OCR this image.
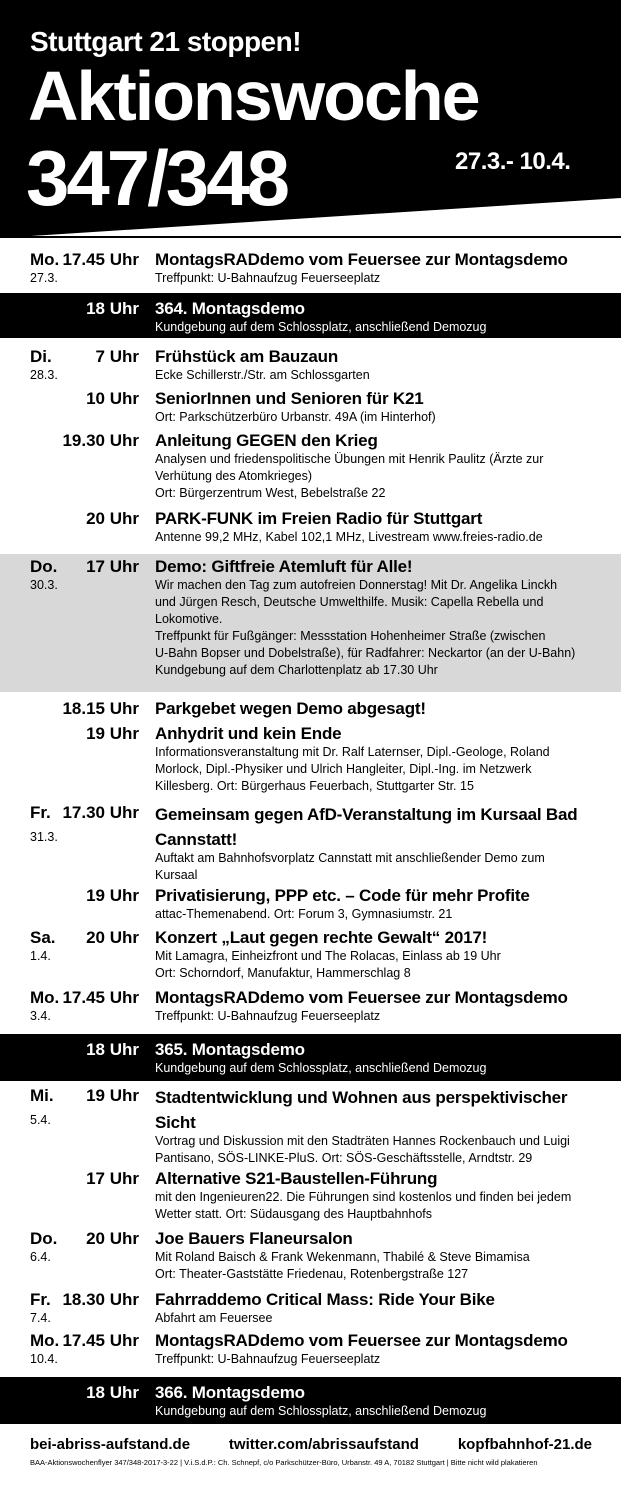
Stuttgart 21 stoppen!
Aktionswoche
347/348	27.3.- 10.4.
Mo.
27.3.
17.45 Uhr MontagsRADdemo vom Feuersee zur Montagsdemo
Treffpunkt: U-Bahnaufzug Feuerseeplatz
18 Uhr 364. Montagsdemo
Kundgebung auf dem Schlossplatz, anschließend Demozug
Di.
28.3.
7 Uhr Frühstück am Bauzaun
Ecke Schillerstr./Str. am Schlossgarten
10 Uhr SeniorInnen und Senioren für K21
Ort: Parkschützerbüro Urbanstr. 49A (im Hinterhof)
19.30 Uhr Anleitung GEGEN den Krieg
Analysen und friedenspolitische Übungen mit Henrik Paulitz (Ärzte zur
Verhütung des Atomkrieges)
Ort: Bürgerzentrum West, Bebelstraße 22
20 Uhr PARK-FUNK im Freien Radio für Stuttgart
Antenne 99,2 MHz, Kabel 102,1 MHz, Livestream www.freies-radio.de
Do.
30.3.
17 Uhr Demo: Giftfreie Atemluft für Alle!
Wir machen den Tag zum autofreien Donnerstag! Mit Dr. Angelika Linckh
und Jürgen Resch, Deutsche Umwelthilfe. Musik: Capella Rebella und
Lokomotive.
Treffpunkt für Fußgänger: Messstation Hohenheimer Straße (zwischen
U-Bahn Bopser und Dobelstraße), für Radfahrer: Neckartor (an der U-Bahn)
Kundgebung auf dem Charlottenplatz ab 17.30 Uhr
18.15 Uhr Parkgebet wegen Demo abgesagt!
19 Uhr Anhydrit und kein Ende
Informationsveranstaltung mit Dr. Ralf Laternser, Dipl.-Geologe, Roland
Morlock, Dipl.-Physiker und Ulrich Hangleiter, Dipl.-Ing. im Netzwerk
Killesberg. Ort: Bürgerhaus Feuerbach, Stuttgarter Str. 15
Fr.
31.3.
17.30 Uhr Gemeinsam gegen AfD-Veranstaltung im Kursaal Bad Cannstatt!
Auftakt am Bahnhofsvorplatz Cannstatt mit anschließender Demo zum
Kursaal
19 Uhr Privatisierung, PPP etc. – Code für mehr Profite
attac-Themenabend. Ort: Forum 3, Gymnasiumstr. 21
Sa.
1.4.
20 Uhr Konzert „Laut gegen rechte Gewalt“ 2017!
Mit Lamagra, Einheizfront und The Rolacas, Einlass ab 19 Uhr
Ort: Schorndorf, Manufaktur, Hammerschlag 8
Mo.
3.4.
17.45 Uhr MontagsRADdemo vom Feuersee zur Montagsdemo
Treffpunkt: U-Bahnaufzug Feuerseeplatz
18 Uhr 365. Montagsdemo
Kundgebung auf dem Schlossplatz, anschließend Demozug
Mi.
5.4.
19 Uhr Stadtentwicklung und Wohnen aus perspektivischer Sicht
Vortrag und Diskussion mit den Stadträten Hannes Rockenbauch und Luigi
Pantisano, SÖS-LINKE-PluS. Ort: SÖS-Geschäftsstelle, Arndtstr. 29
17 Uhr Alternative S21-Baustellen-Führung
mit den Ingenieuren22. Die Führungen sind kostenlos und finden bei jedem
Wetter statt. Ort: Südausgang des Hauptbahnhofs
Do.
6.4.
20 Uhr Joe Bauers Flaneursalon
Mit Roland Baisch & Frank Wekenmann, Thabilé & Steve Bimamisa
Ort: Theater-Gaststätte Friedenau, Rotenbergstraße 127
Fr.
7.4.
18.30 Uhr Fahrraddemo Critical Mass: Ride Your Bike
Abfahrt am Feuersee
Mo.
10.4.
17.45 Uhr MontagsRADdemo vom Feuersee zur Montagsdemo
Treffpunkt: U-Bahnaufzug Feuerseeplatz
18 Uhr 366. Montagsdemo
Kundgebung auf dem Schlossplatz, anschließend Demozug
bei-abriss-aufstand.de	twitter.com/abrissaufstand	kopfbahnhof-21.de
BAA-Aktionswochenflyer 347/348-2017-3-22 | V.i.S.d.P.: Ch. Schnepf, c/o Parkschützer-Büro, Urbanstr. 49 A, 70182 Stuttgart | Bitte nicht wild plakatieren
